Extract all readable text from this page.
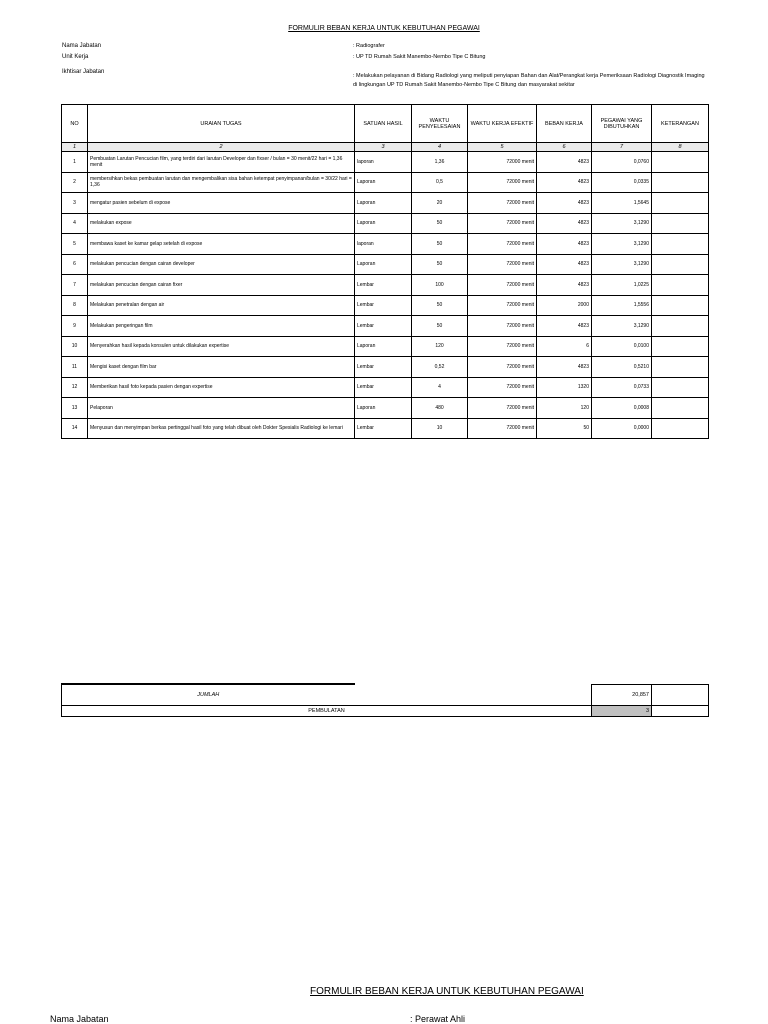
FORMULIR BEBAN KERJA UNTUK KEBUTUHAN PEGAWAI
Nama Jabatan	: Radiografer
Unit Kerja	: UP TD Rumah Sakit Manembo-Nembo Tipe C Bitung
Ikhtisar Jabatan
: Melakukan pelayanan di Bidang Radiologi yang meliputi penyiapan Bahan dan Alat/Perangkat kerja Pemeriksaan Radiologi Diagnostik Imaging di lingkungan UP TD Rumah Sakit Manembo-Nembo Tipe C Bitung dan masyarakat sekitar
NO	URAIAN TUGAS	SATUAN HASIL	WAKTU PENYELESAIAN	WAKTU KERJA EFEKTIF	BEBAN KERJA	PEGAWAI YANG DIBUTUHKAN	KETERANGAN
1	2	3	4	5	6	7	8
1	Pembuatan Larutan Pencucian film, yang terdiri dari larutan Developer dan fixser / bulan = 30 menit/22 hari = 1,36 menit	laporan	1,36	72000 menit	4823	0,0760	
2	membersihkan bekas pembuatan larutan dan mengembalikan sisa bahan ketempat penyimpanan/bulan = 30/22 hari = 1,36	Laporan	0,5	72000 menit	4823	0,0335	
3	mengatur pasien sebelum di expose	Laporan	20	72000 menit	4823	1,5645	
4	melakukan expose	Laporan	50	72000 menit	4823	3,1290	
5	membawa kaset ke kamar gelap setelah di expose	laporan	50	72000 menit	4823	3,1290	
6	melakukan pencucian dengan cairan developer	Laporan	50	72000 menit	4823	3,1290	
7	melakukan pencucian dengan cairan fixer	Lembar	100	72000 menit	4823	1,0225	
8	Melakukan penetralan dengan air	Lembar	50	72000 menit	2000	1,5556	
9	Melakukan pengeringan film	Lembar	50	72000 menit	4823	3,1290	
10	Menyerahkan hasil kepada konsulen untuk dilakukan expertise	Laporan	120	72000 menit	6	0,0100	
11	Mengisi kaset dengan film bar	Lembar	0,52	72000 menit	4823	0,5210	
12	Memberikan hasil foto kepada pasien dengan expertise	Lembar	4	72000 menit	1320	0,0733	
13	Pelaporan	Laporan	480	72000 menit	120	0,0008	
14	Menyusun dan menyimpan berkas pertinggal hasil foto yang telah dibuat oleh Dokter Spesialis Radiologi ke lemari	Lembar	10	72000 menit	50	0,0000	
JUMLAH		20,857	
PEMBULATAN		3	
FORMULIR BEBAN KERJA UNTUK KEBUTUHAN PEGAWAI
Nama Jabatan	: Perawat Ahli
